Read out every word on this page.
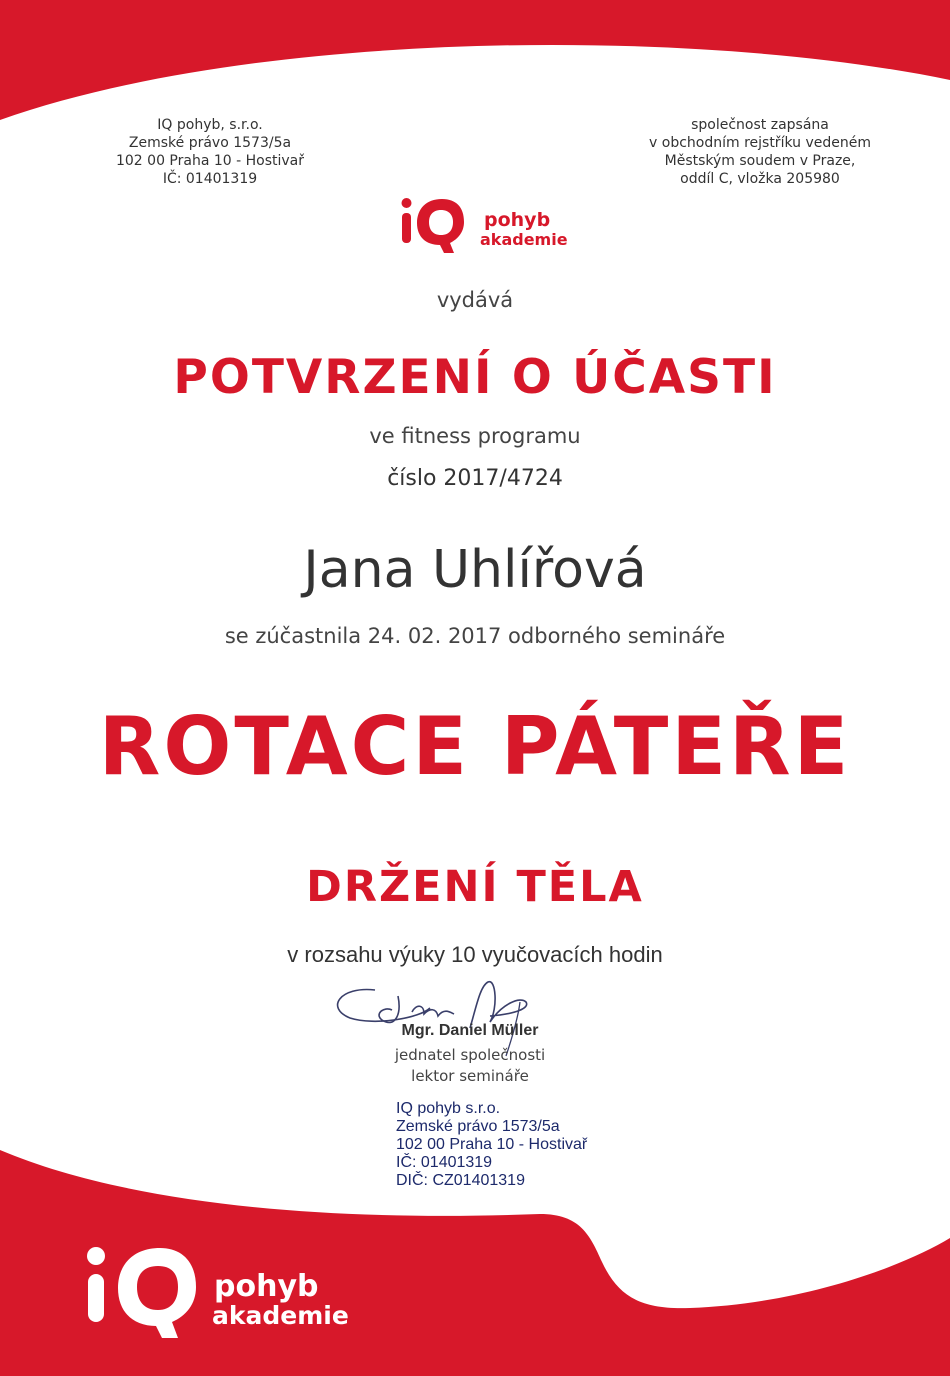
IQ pohyb, s.r.o.
Zemské právo 1573/5a
102 00 Praha 10 - Hostivař
IČ: 01401319
společnost zapsána
v obchodním rejstříku vedeném
Městským soudem v Praze,
oddíl C, vložka 205980
pohyb
akademie
vydává
POTVRZENÍ O ÚČASTI
ve fitness programu
číslo 2017/4724
Jana Uhlířová
se zúčastnila 24. 02. 2017 odborného semináře
ROTACE PÁTEŘE
DRŽENÍ TĚLA
v rozsahu výuky 10 vyučovacích hodin
Mgr. Daniel Müller
jednatel společnosti
lektor semináře
IQ pohyb s.r.o.
Zemské právo 1573/5a
102 00 Praha 10 - Hostivař
IČ: 01401319
DIČ: CZ01401319
pohyb
akademie
